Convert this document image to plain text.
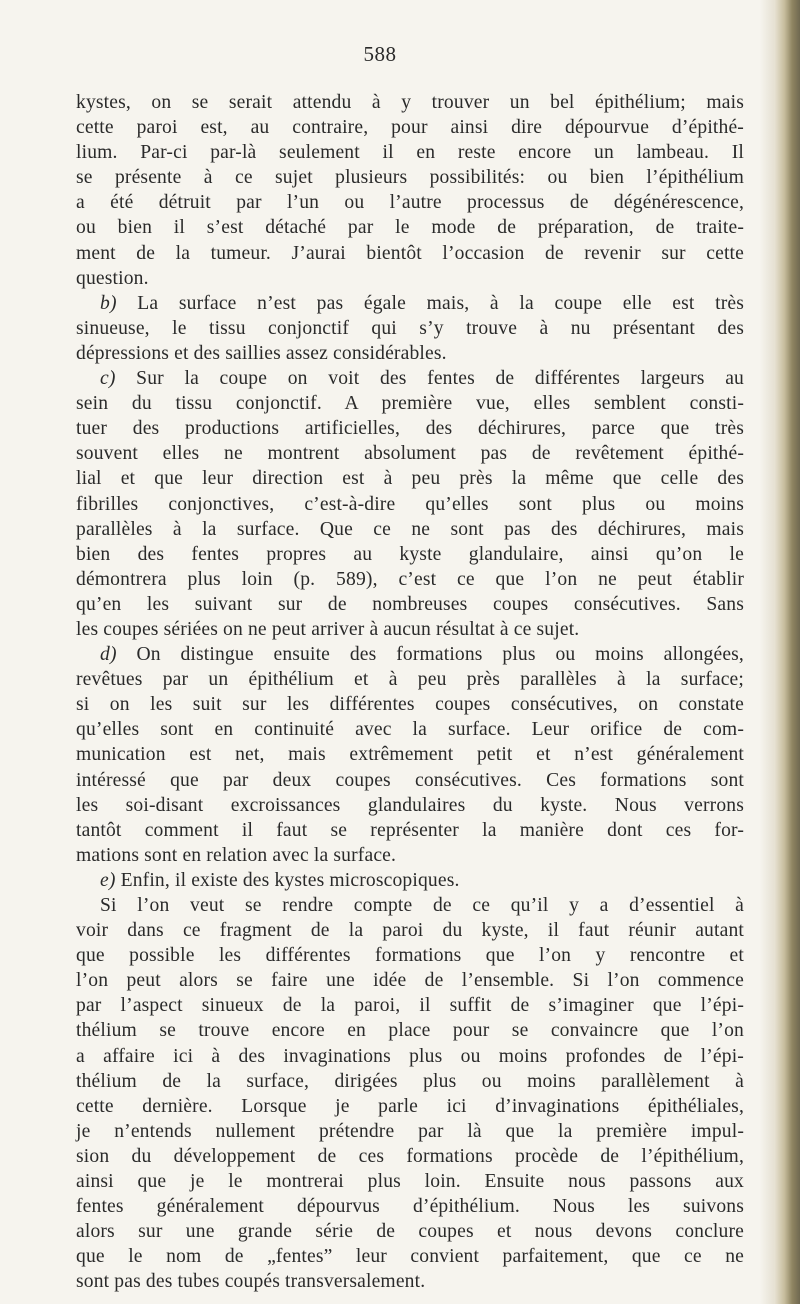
588

kystes, on se serait attendu à y trouver un bel épithélium; mais

cette paroi est, au contraire, pour ainsi dire dépourvue d’épithé-

lium. Par-ci par-là seulement il en reste encore un lambeau. Il

se présente à ce sujet plusieurs possibilités: ou bien l’épithélium

a été détruit par l’un ou l’autre processus de dégénérescence,

ou bien il s’est détaché par le mode de préparation, de traite-

ment de la tumeur. J’aurai bientôt l’occasion de revenir sur cette

question.

b) La surface n’est pas égale mais, à la coupe elle est très

sinueuse, le tissu conjonctif qui s’y trouve à nu présentant des

dépressions et des saillies assez considérables.

c) Sur la coupe on voit des fentes de différentes largeurs au

sein du tissu conjonctif. A première vue, elles semblent consti-

tuer des productions artificielles, des déchirures, parce que très

souvent elles ne montrent absolument pas de revêtement épithé-

lial et que leur direction est à peu près la même que celle des

fibrilles conjonctives, c’est-à-dire qu’elles sont plus ou moins

parallèles à la surface. Que ce ne sont pas des déchirures, mais

bien des fentes propres au kyste glandulaire, ainsi qu’on le

démontrera plus loin (p. 589), c’est ce que l’on ne peut établir

qu’en les suivant sur de nombreuses coupes consécutives. Sans

les coupes sériées on ne peut arriver à aucun résultat à ce sujet.

d) On distingue ensuite des formations plus ou moins allongées,

revêtues par un épithélium et à peu près parallèles à la surface;

si on les suit sur les différentes coupes consécutives, on constate

qu’elles sont en continuité avec la surface. Leur orifice de com-

munication est net, mais extrêmement petit et n’est généralement

intéressé que par deux coupes consécutives. Ces formations sont

les soi-disant excroissances glandulaires du kyste. Nous verrons

tantôt comment il faut se représenter la manière dont ces for-

mations sont en relation avec la surface.

e) Enfin, il existe des kystes microscopiques.

Si l’on veut se rendre compte de ce qu’il y a d’essentiel à

voir dans ce fragment de la paroi du kyste, il faut réunir autant

que possible les différentes formations que l’on y rencontre et

l’on peut alors se faire une idée de l’ensemble. Si l’on commence

par l’aspect sinueux de la paroi, il suffit de s’imaginer que l’épi-

thélium se trouve encore en place pour se convaincre que l’on

a affaire ici à des invaginations plus ou moins profondes de l’épi-

thélium de la surface, dirigées plus ou moins parallèlement à

cette dernière. Lorsque je parle ici d’invaginations épithéliales,

je n’entends nullement prétendre par là que la première impul-

sion du développement de ces formations procède de l’épithélium,

ainsi que je le montrerai plus loin. Ensuite nous passons aux

fentes généralement dépourvus d’épithélium. Nous les suivons

alors sur une grande série de coupes et nous devons conclure

que le nom de „fentes” leur convient parfaitement, que ce ne

sont pas des tubes coupés transversalement.
